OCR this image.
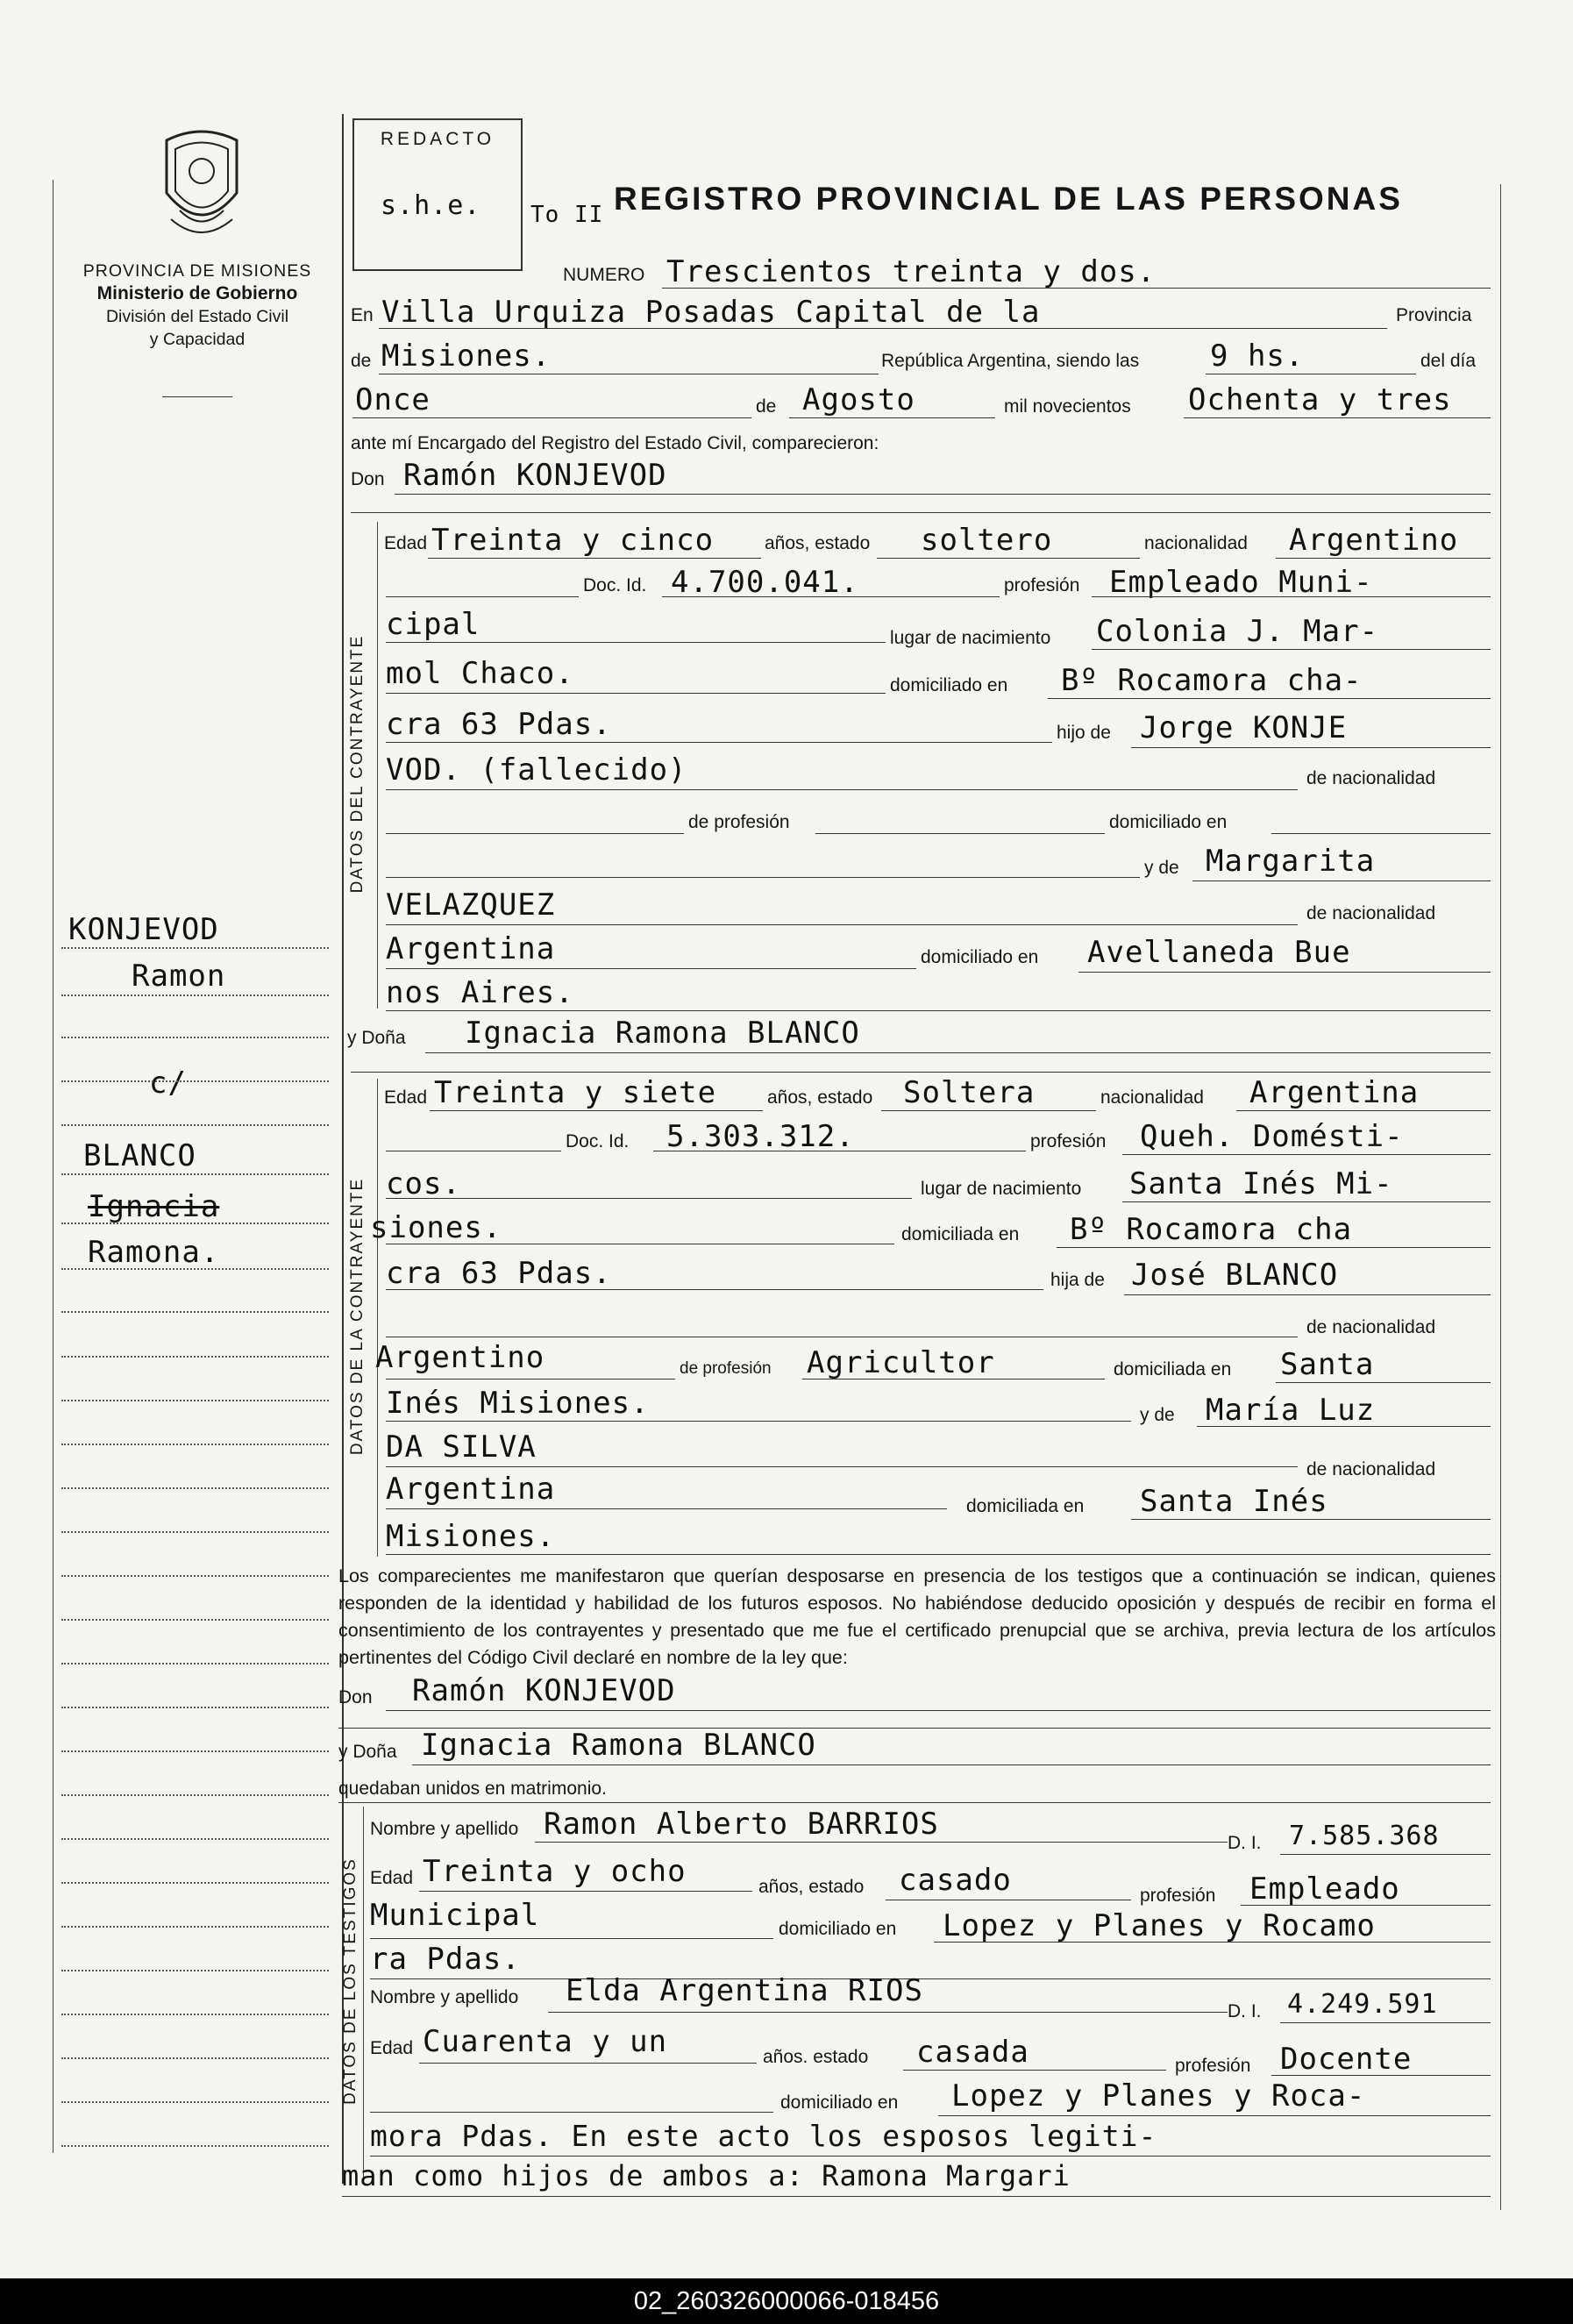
PROVINCIA DE MISIONES
Ministerio de Gobierno
División del Estado Civil
y Capacidad
KONJEVOD
Ramon
c/
BLANCO
Ignacia
Ramona.
REDACTO
s.h.e. To II REGISTRO PROVINCIAL DE LAS PERSONAS
NUMERO Trescientos treinta y dos.
En Villa Urquiza Posadas Capital de la	Provincia
de Misiones.	República Argentina, siendo las 9 hs.	del día
Once	de Agosto	mil novecientos Ochenta y tres
ante mí Encargado del Registro del Estado Civil, comparecieron:
Don Ramón KONJEVOD
DATOS DEL CONTRAYENTE
Edad Treinta y cinco	años, estado soltero	nacionalidad Argentino
Doc. Id. 4.700.041.	profesión Empleado Muni-
cipal	lugar de nacimiento Colonia J. Mar-
mol Chaco.	domiciliado en Bº Rocamora cha-
cra 63 Pdas.	hijo de Jorge KONJE
VOD. (fallecido)	de nacionalidad
de profesión	domiciliado en
y de Margarita
VELAZQUEZ	de nacionalidad
Argentina	domiciliado en Avellaneda Bue
nos Aires.
y Doña Ignacia Ramona BLANCO
DATOS DE LA CONTRAYENTE
Edad Treinta y siete	años, estado Soltera	nacionalidad Argentina
Doc. Id. 5.303.312.	profesión Queh. Domésti-
cos.	lugar de nacimiento Santa Inés Mi-
siones.	domiciliada en Bº Rocamora cha
cra 63 Pdas.	hija de José BLANCO
de nacionalidad
Argentino	de profesión Agricultor	domiciliada en Santa
Inés Misiones.	y de María Luz
DA SILVA
de nacionalidad
Argentina	domiciliada en Santa Inés
Misiones.
Los comparecientes me manifestaron que querían desposarse en presencia de los testigos que a continuación se indican, quienes responden de la identidad y habilidad de los futuros esposos. No habiéndose deducido oposición y después de recibir en forma el consentimiento de los contrayentes y presentado que me fue el certificado prenupcial que se archiva, previa lectura de los artículos pertinentes del Código Civil declaré en nombre de la ley que:
Don Ramón KONJEVOD
y Doña Ignacia Ramona BLANCO
quedaban unidos en matrimonio.
DATOS DE LOS TESTIGOS
Nombre y apellido Ramon Alberto BARRIOS
D. I. 7.585.368
Edad Treinta y ocho	años, estado casado	profesión Empleado
Municipal	domiciliado en Lopez y Planes y Rocamo
ra Pdas.
Nombre y apellido Elda Argentina RIOS
D. I. 4.249.591
Edad Cuarenta y un	años. estado casada	profesión Docente
domiciliado en Lopez y Planes y Roca-
mora Pdas. En este acto los esposos legiti-
man como hijos de ambos a: Ramona Margari
02_260326000066-018456
